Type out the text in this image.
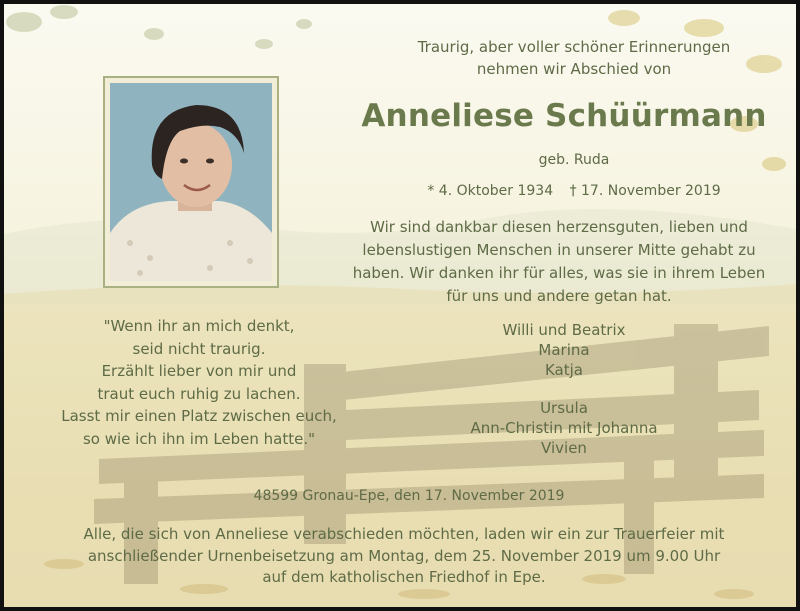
Traurig, aber voller schöner Erinnerungen
nehmen wir Abschied von
Anneliese Schüürmann
geb. Ruda
* 4. Oktober 1934 † 17. November 2019
Wir sind dankbar diesen herzensguten, lieben und
lebenslustigen Menschen in unserer Mitte gehabt zu
haben. Wir danken ihr für alles, was sie in ihrem Leben
für uns und andere getan hat.
"Wenn ihr an mich denkt,
seid nicht traurig.
Erzählt lieber von mir und
traut euch ruhig zu lachen.
Lasst mir einen Platz zwischen euch,
so wie ich ihn im Leben hatte."
Willi und Beatrix
Marina
Katja
Ursula
Ann-Christin mit Johanna
Vivien
48599 Gronau-Epe, den 17. November 2019
Alle, die sich von Anneliese verabschieden möchten, laden wir ein zur Trauerfeier mit
anschließender Urnenbeisetzung am Montag, dem 25. November 2019 um 9.00 Uhr
auf dem katholischen Friedhof in Epe.
